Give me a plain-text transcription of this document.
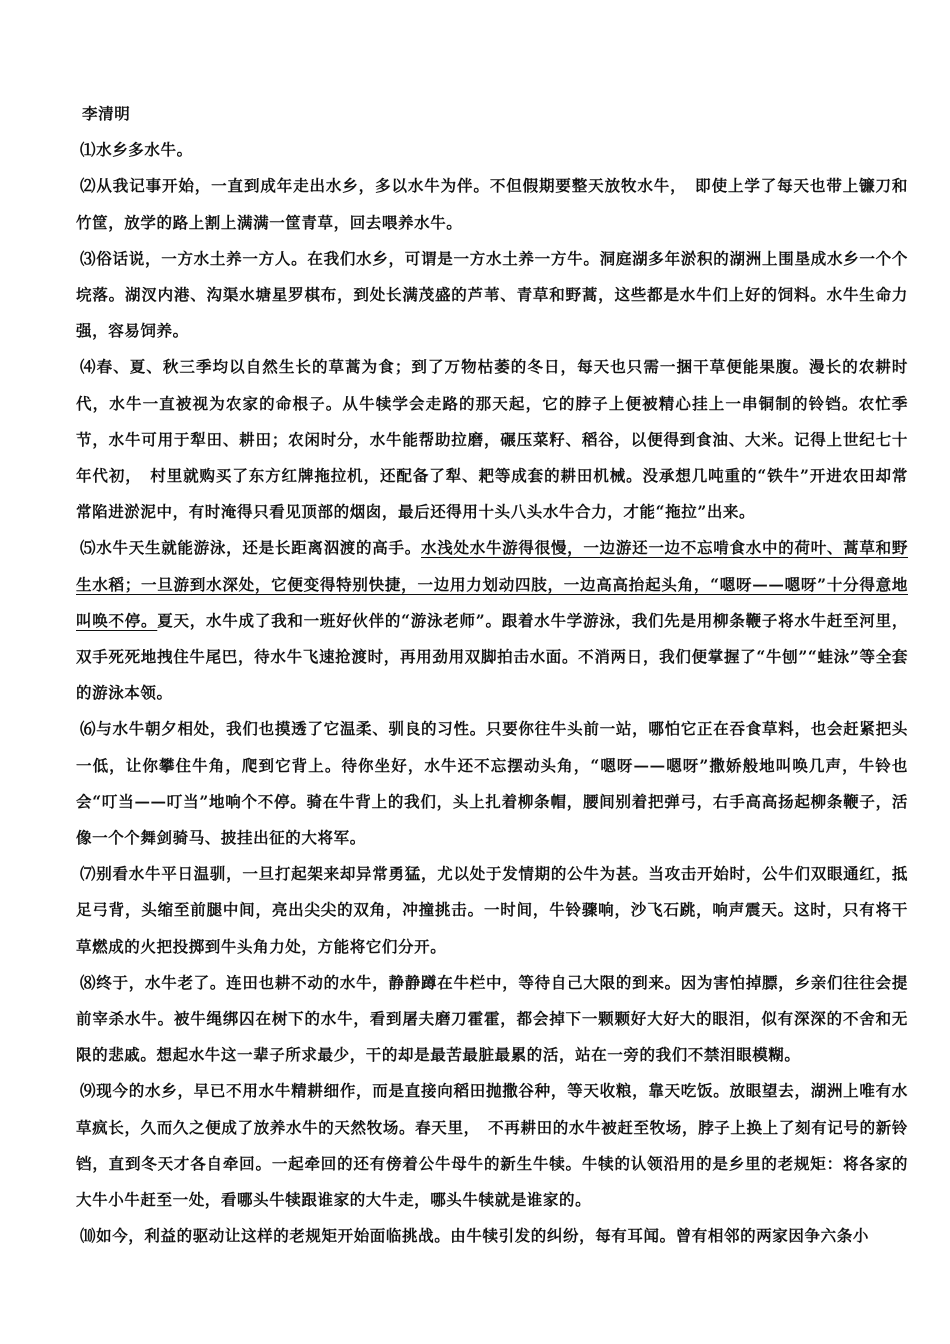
李清明

⑴水乡多水牛。

⑵从我记事开始，一直到成年走出水乡，多以水牛为伴。不但假期要整天放牧水牛，　即使上学了每天也带上镰刀和竹筐，放学的路上割上满满一筐青草，回去喂养水牛。

⑶俗话说，一方水土养一方人。在我们水乡，可谓是一方水土养一方牛。洞庭湖多年淤积的湖洲上围垦成水乡一个个垸落。湖汊内港、沟渠水塘星罗棋布，到处长满茂盛的芦苇、青草和野蒿，这些都是水牛们上好的饲料。水牛生命力强，容易饲养。

⑷春、夏、秋三季均以自然生长的草蒿为食；到了万物枯萎的冬日，每天也只需一捆干草便能果腹。漫长的农耕时代，水牛一直被视为农家的命根子。从牛犊学会走路的那天起，它的脖子上便被精心挂上一串铜制的铃铛。农忙季节，水牛可用于犁田、耕田；农闲时分，水牛能帮助拉磨，碾压菜籽、稻谷，以便得到食油、大米。记得上世纪七十年代初，　村里就购买了东方红牌拖拉机，还配备了犁、耙等成套的耕田机械。没承想几吨重的“铁牛”开进农田却常常陷进淤泥中，有时淹得只看见顶部的烟囱，最后还得用十头八头水牛合力，才能“拖拉”出来。

⑸水牛天生就能游泳，还是长距离泅渡的高手。水浅处水牛游得很慢，一边游还一边不忘啃食水中的荷叶、蒿草和野生水稻；一旦游到水深处，它便变得特别快捷，一边用力划动四肢，一边高高抬起头角，“嗯呀——嗯呀”十分得意地叫唤不停。夏天，水牛成了我和一班好伙伴的“游泳老师”。跟着水牛学游泳，我们先是用柳条鞭子将水牛赶至河里，双手死死地拽住牛尾巴，待水牛飞速抢渡时，再用劲用双脚拍击水面。不消两日，我们便掌握了“牛刨”“蛙泳”等全套的游泳本领。

⑹与水牛朝夕相处，我们也摸透了它温柔、驯良的习性。只要你往牛头前一站，哪怕它正在吞食草料，也会赶紧把头一低，让你攀住牛角，爬到它背上。待你坐好，水牛还不忘摆动头角，“嗯呀——嗯呀”撒娇般地叫唤几声，牛铃也会“叮当——叮当”地响个不停。骑在牛背上的我们，头上扎着柳条帽，腰间别着把弹弓，右手高高扬起柳条鞭子，活像一个个舞剑骑马、披挂出征的大将军。

⑺别看水牛平日温驯，一旦打起架来却异常勇猛，尤以处于发情期的公牛为甚。当攻击开始时，公牛们双眼通红，抵足弓背，头缩至前腿中间，亮出尖尖的双角，冲撞挑击。一时间，牛铃骤响，沙飞石跳，响声震天。这时，只有将干草燃成的火把投掷到牛头角力处，方能将它们分开。

⑻终于，水牛老了。连田也耕不动的水牛，静静蹲在牛栏中，等待自己大限的到来。因为害怕掉膘，乡亲们往往会提前宰杀水牛。被牛绳绑囚在树下的水牛，看到屠夫磨刀霍霍，都会掉下一颗颗好大好大的眼泪，似有深深的不舍和无限的悲戚。想起水牛这一辈子所求最少，干的却是最苦最脏最累的活，站在一旁的我们不禁泪眼模糊。

⑼现今的水乡，早已不用水牛精耕细作，而是直接向稻田抛撒谷种，等天收粮，靠天吃饭。放眼望去，湖洲上唯有水草疯长，久而久之便成了放养水牛的天然牧场。春天里，　不再耕田的水牛被赶至牧场，脖子上换上了刻有记号的新铃铛，直到冬天才各自牵回。一起牵回的还有傍着公牛母牛的新生牛犊。牛犊的认领沿用的是乡里的老规矩：将各家的大牛小牛赶至一处，看哪头牛犊跟谁家的大牛走，哪头牛犊就是谁家的。

⑽如今，利益的驱动让这样的老规矩开始面临挑战。由牛犊引发的纠纷，每有耳闻。曾有相邻的两家因争六条小
